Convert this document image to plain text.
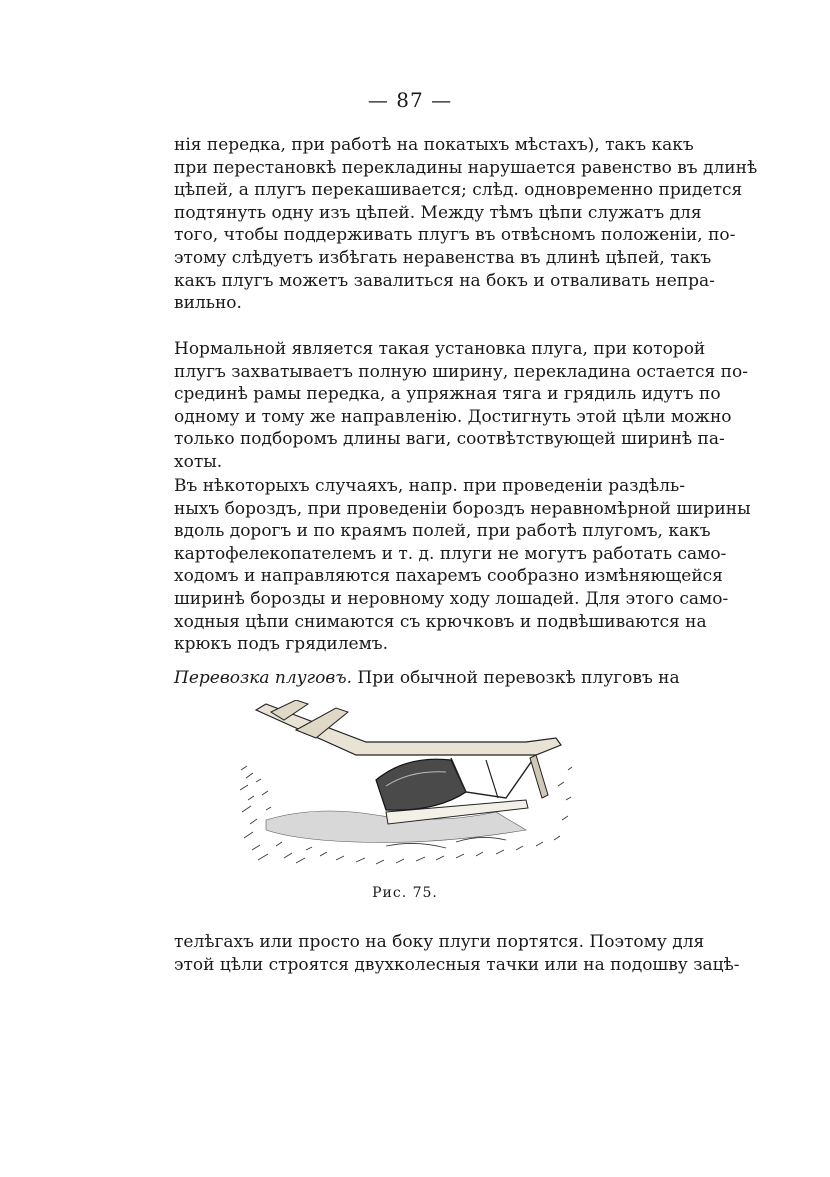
— 87 —
нія передка, при работѣ на покатыхъ мѣстахъ), такъ какъ
при перестановкѣ перекладины нарушается равенство въ длинѣ
цѣпей, а плугъ перекашивается; слѣд. одновременно придется
подтянуть одну изъ цѣпей. Между тѣмъ цѣпи служатъ для
того, чтобы поддерживать плугъ въ отвѣсномъ положеніи, по-
этому слѣдуетъ избѣгать неравенства въ длинѣ цѣпей, такъ
какъ плугъ можетъ завалиться на бокъ и отваливать непра-
вильно.
Нормальной является такая установка плуга, при которой
плугъ захватываетъ полную ширину, перекладина остается по-
срединѣ рамы передка, а упряжная тяга и грядиль идутъ по
одному и тому же направленію. Достигнуть этой цѣли можно
только подборомъ длины ваги, соотвѣтствующей ширинѣ па-
хоты.
Въ нѣкоторыхъ случаяхъ, напр. при проведеніи раздѣль-
ныхъ бороздъ, при проведеніи бороздъ неравномѣрной ширины
вдоль дорогъ и по краямъ полей, при работѣ плугомъ, какъ
картофелекопателемъ и т. д. плуги не могутъ работать само-
ходомъ и направляются пахаремъ сообразно измѣняющейся
ширинѣ борозды и неровному ходу лошадей. Для этого само-
ходныя цѣпи снимаются съ крючковъ и подвѣшиваются на
крюкъ подъ грядилемъ.
Перевозка плуговъ. При обычной перевозкѣ плуговъ на
Рис. 75.
телѣгахъ или просто на боку плуги портятся. Поэтому для
этой цѣли строятся двухколесныя тачки или на подошву зацѣ-
